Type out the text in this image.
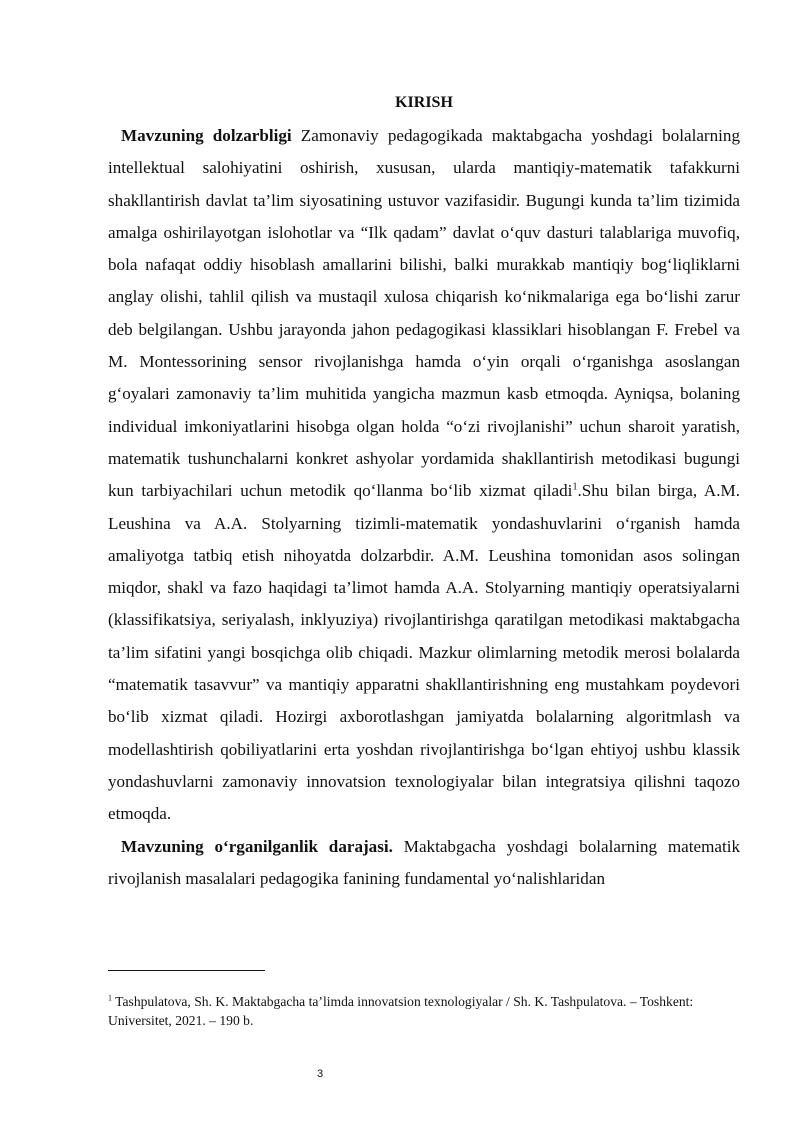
KIRISH

Mavzuning dolzarbligi Zamonaviy pedagogikada maktabgacha yoshdagi bolalarning intellektual salohiyatini oshirish, xususan, ularda mantiqiy-matematik tafakkurni shakllantirish davlat ta’lim siyosatining ustuvor vazifasidir. Bugungi kunda ta’lim tizimida amalga oshirilayotgan islohotlar va “Ilk qadam” davlat o‘quv dasturi talablariga muvofiq, bola nafaqat oddiy hisoblash amallarini bilishi, balki murakkab mantiqiy bog‘liqliklarni anglay olishi, tahlil qilish va mustaqil xulosa chiqarish ko‘nikmalariga ega bo‘lishi zarur deb belgilangan. Ushbu jarayonda jahon pedagogikasi klassiklari hisoblangan F. Frebel va M. Montessorining sensor rivojlanishga hamda o‘yin orqali o‘rganishga asoslangan g‘oyalari zamonaviy ta’lim muhitida yangicha mazmun kasb etmoqda. Ayniqsa, bolaning individual imkoniyatlarini hisobga olgan holda “o‘zi rivojlanishi” uchun sharoit yaratish, matematik tushunchalarni konkret ashyolar yordamida shakllantirish metodikasi bugungi kun tarbiyachilari uchun metodik qo‘llanma bo‘lib xizmat qiladi$^1$.Shu bilan birga, A.M. Leushina va A.A. Stolyarning tizimli-matematik yondashuvlarini o‘rganish hamda amaliyotga tatbiq etish nihoyatda dolzarbdir. A.M. Leushina tomonidan asos solingan miqdor, shakl va fazo haqidagi ta’limot hamda A.A. Stolyarning mantiqiy operatsiyalarni (klassifikatsiya, seriyalash, inklyuziya) rivojlantirishga qaratilgan metodikasi maktabgacha ta’lim sifatini yangi bosqichga olib chiqadi. Mazkur olimlarning metodik merosi bolalarda “matematik tasavvur” va mantiqiy apparatni shakllantirishning eng mustahkam poydevori bo‘lib xizmat qiladi. Hozirgi axborotlashgan jamiyatda bolalarning algoritmlash va modellashtirish qobiliyatlarini erta yoshdan rivojlantirishga bo‘lgan ehtiyoj ushbu klassik yondashuvlarni zamonaviy innovatsion texnologiyalar bilan integratsiya qilishni taqozo etmoqda.

Mavzuning o‘rganilganlik darajasi. Maktabgacha yoshdagi bolalarning matematik rivojlanish masalalari pedagogika fanining fundamental yo‘nalishlaridan

$^1$ Tashpulatova, Sh. K. Maktabgacha ta’limda innovatsion texnologiyalar / Sh. K. Tashpulatova. – Toshkent: Universitet, 2021. – 190 b.
3
